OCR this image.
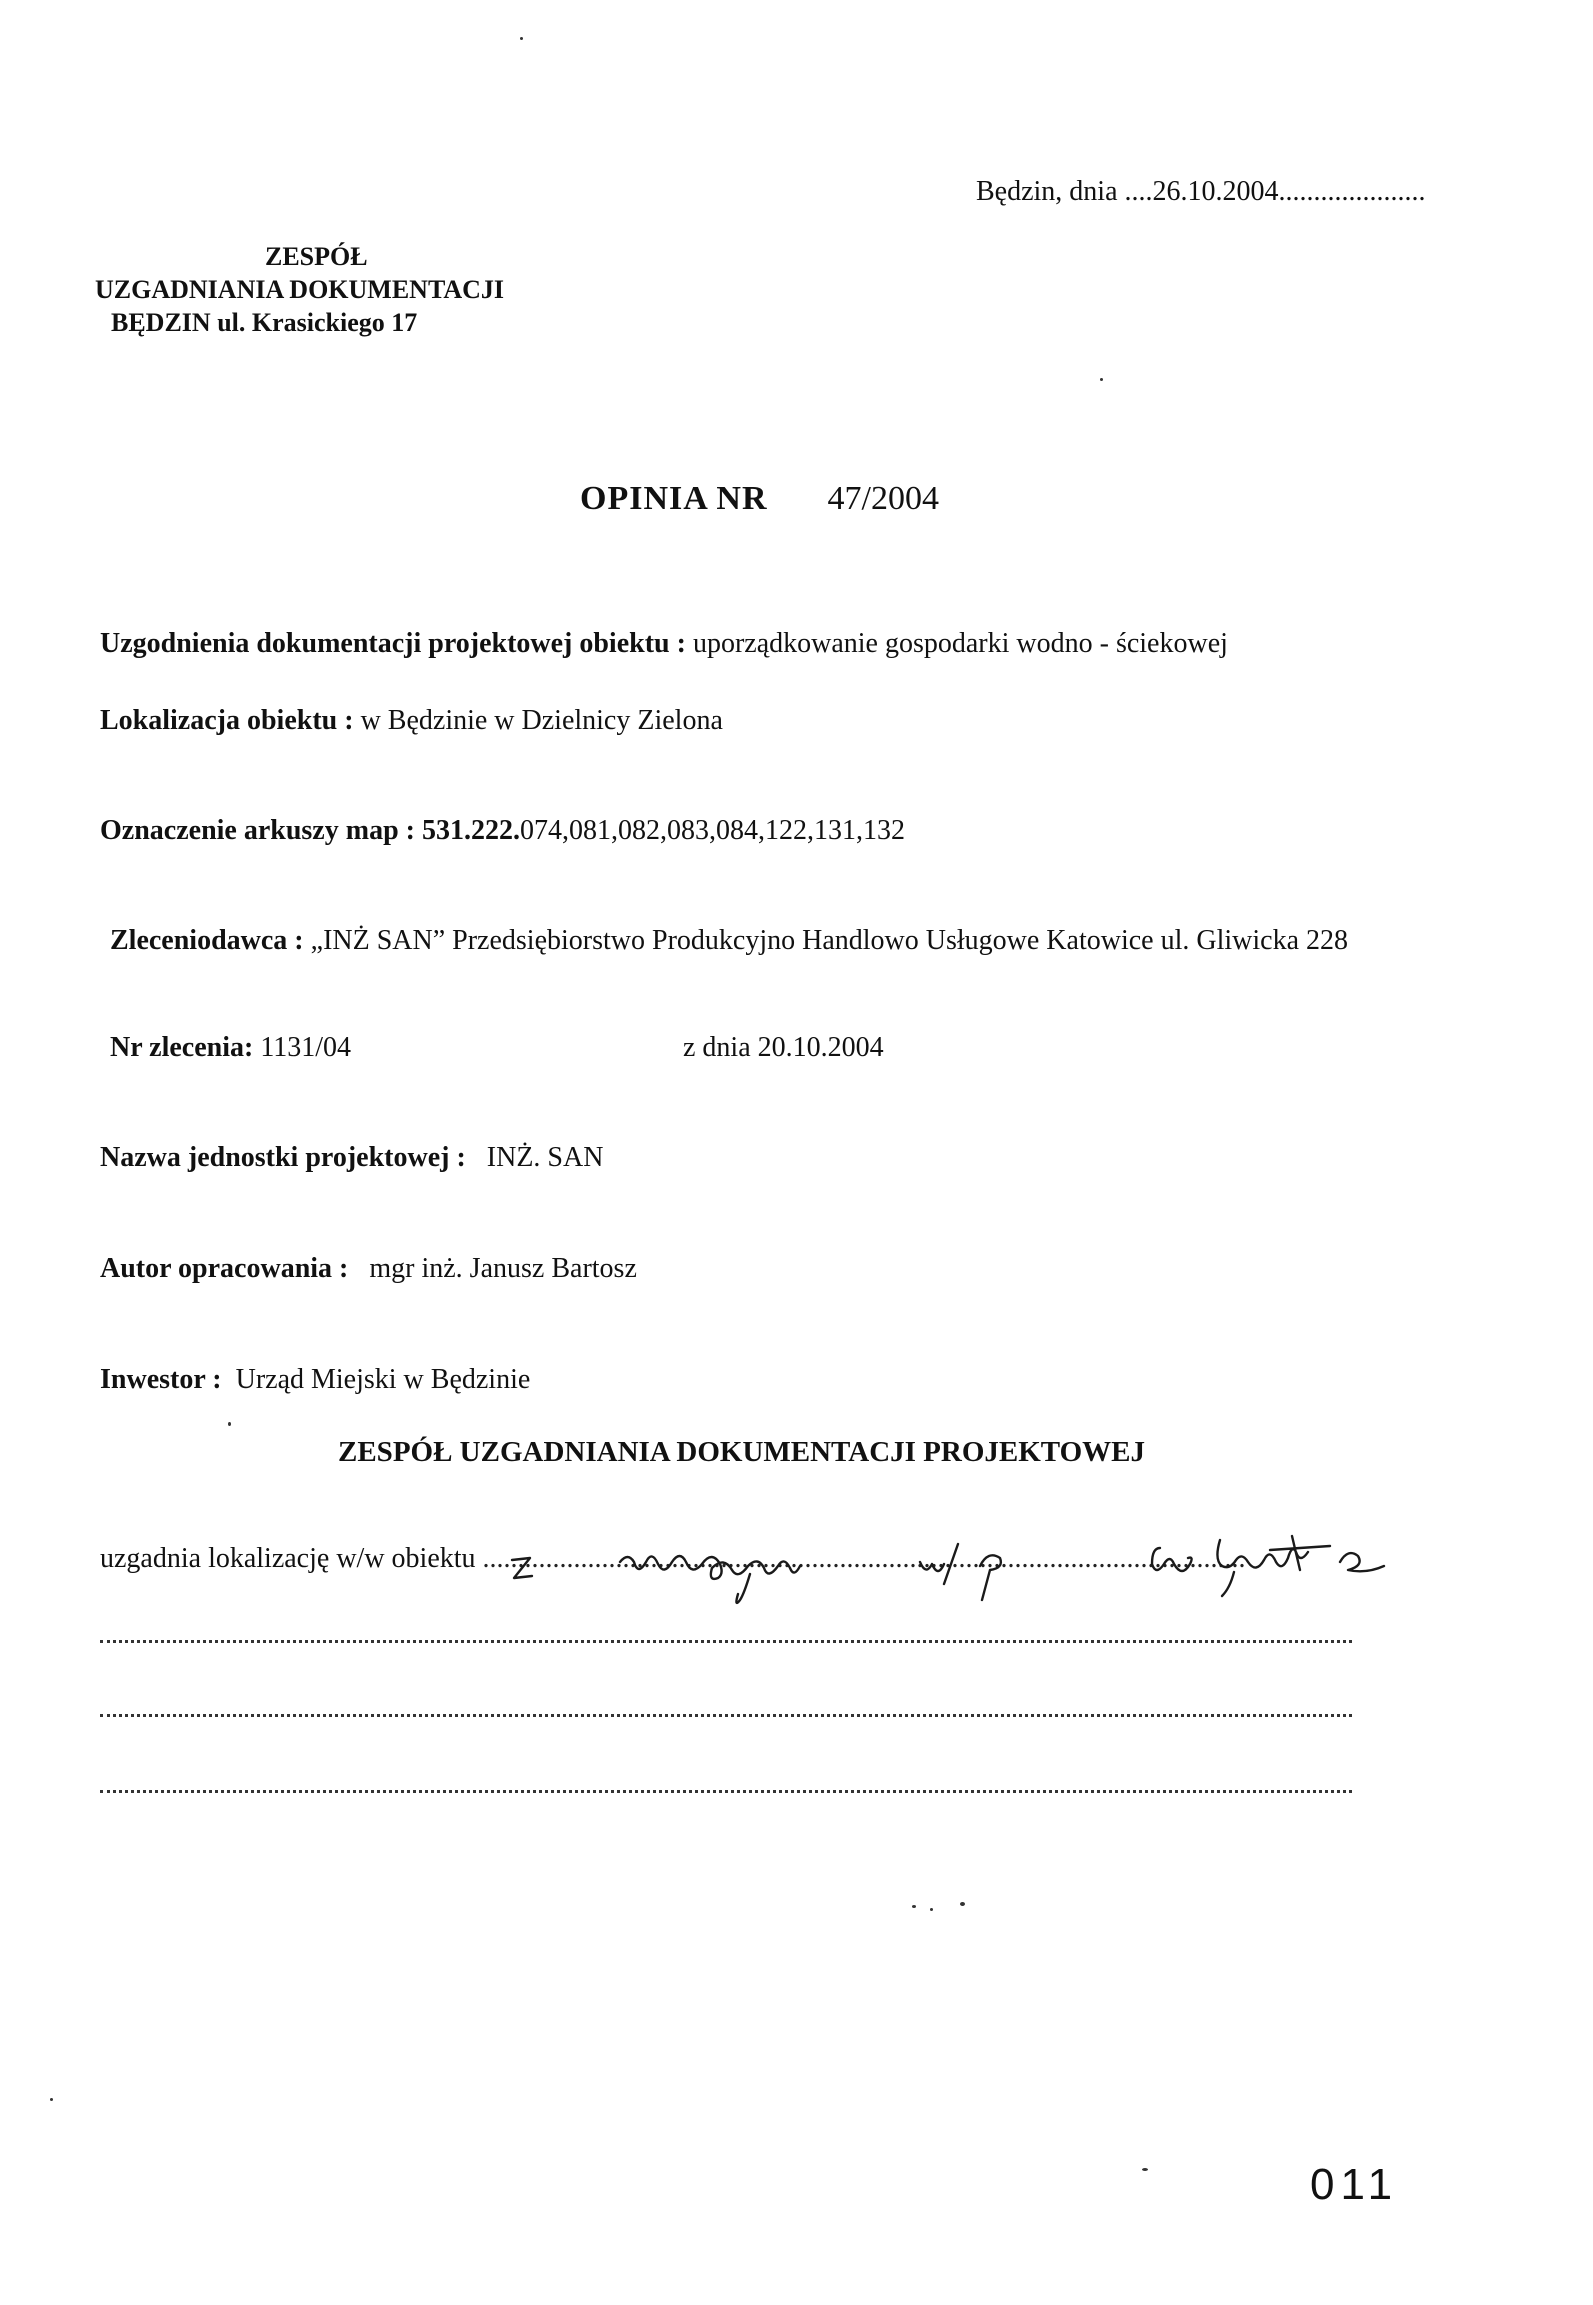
Będzin, dnia ....26.10.2004.....................
ZESPÓŁ
UZGADNIANIA DOKUMENTACJI
BĘDZIN ul. Krasickiego 17
OPINIA NR 47/2004
Uzgodnienia dokumentacji projektowej obiektu : uporządkowanie gospodarki wodno - ściekowej
Lokalizacja obiektu : w Będzinie w Dzielnicy Zielona
Oznaczenie arkuszy map : 531.222.074,081,082,083,084,122,131,132
Zleceniodawca : „INŻ SAN” Przedsiębiorstwo Produkcyjno Handlowo Usługowe Katowice ul. Gliwicka 228
Nr zlecenia: 1131/04	z dnia 20.10.2004
Nazwa jednostki projektowej : INŻ. SAN
Autor opracowania : mgr inż. Janusz Bartosz
Inwestor : Urząd Miejski w Będzinie
ZESPÓŁ UZGADNIANIA DOKUMENTACJI PROJEKTOWEJ
uzgadnia lokalizację w/w obiektu .............................................................................................................
011
